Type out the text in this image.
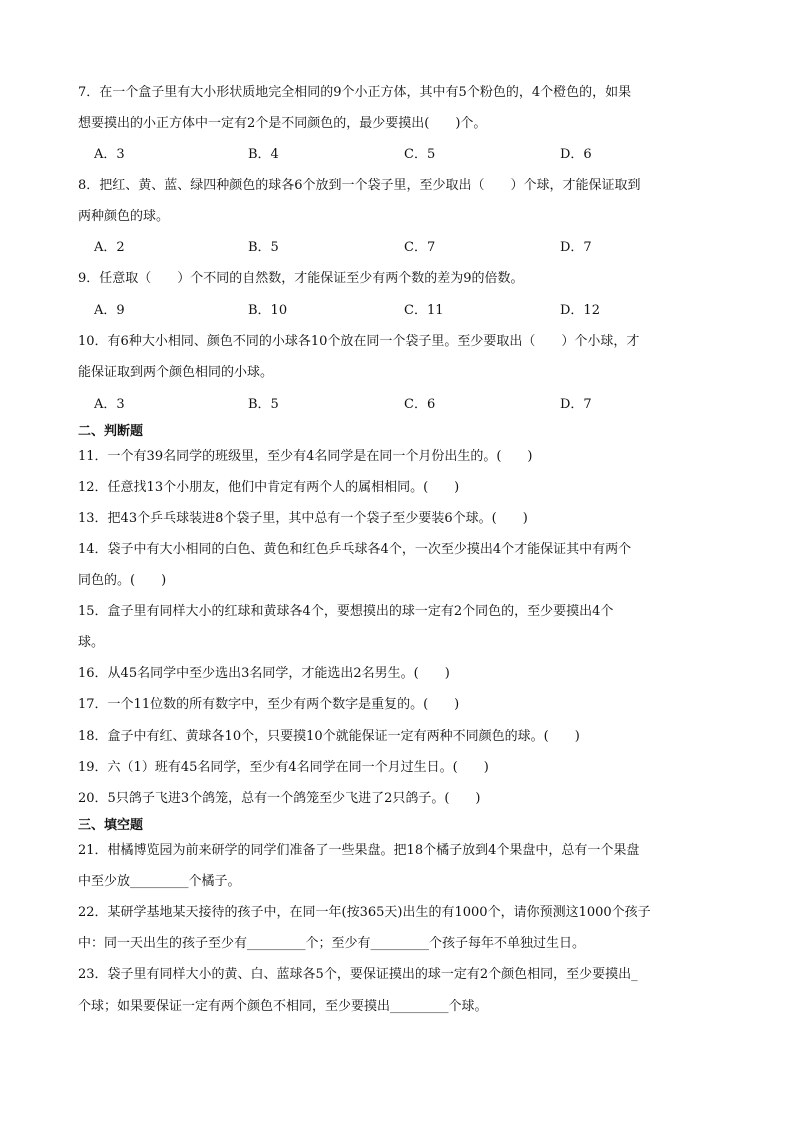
7．在一个盒子里有大小形状质地完全相同的9个小正方体，其中有5个粉色的，4个橙色的，如果
想要摸出的小正方体中一定有2个是不同颜色的，最少要摸出(　　)个。
A．3	B．4	C．5	D．6
8．把红、黄、蓝、绿四种颜色的球各6个放到一个袋子里，至少取出（　　）个球，才能保证取到
两种颜色的球。
A．2	B．5	C．7	D．7
9．任意取（　　）个不同的自然数，才能保证至少有两个数的差为9的倍数。
A．9	B．10	C．11	D．12
10．有6种大小相同、颜色不同的小球各10个放在同一个袋子里。至少要取出（　　）个小球，才
能保证取到两个颜色相同的小球。
A．3	B．5	C．6	D．7
二、判断题
11．一个有39名同学的班级里，至少有4名同学是在同一个月份出生的。(　　)
12．任意找13个小朋友，他们中肯定有两个人的属相相同。(　　)
13．把43个乒乓球装进8个袋子里，其中总有一个袋子至少要装6个球。(　　)
14．袋子中有大小相同的白色、黄色和红色乒乓球各4个，一次至少摸出4个才能保证其中有两个
同色的。(　　)
15．盒子里有同样大小的红球和黄球各4个，要想摸出的球一定有2个同色的，至少要摸出4个
球。
16．从45名同学中至少选出3名同学，才能选出2名男生。(　　)
17．一个11位数的所有数字中，至少有两个数字是重复的。(　　)
18．盒子中有红、黄球各10个，只要摸10个就能保证一定有两种不同颜色的球。(　　)
19．六（1）班有45名同学，至少有4名同学在同一个月过生日。(　　)
20．5只鸽子飞进3个鸽笼，总有一个鸽笼至少飞进了2只鸽子。(　　)
三、填空题
21．柑橘博览园为前来研学的同学们准备了一些果盘。把18个橘子放到4个果盘中，总有一个果盘
中至少放_________个橘子。
22．某研学基地某天接待的孩子中，在同一年(按365天)出生的有1000个，请你预测这1000个孩子
中：同一天出生的孩子至少有_________个；至少有_________个孩子每年不单独过生日。
23．袋子里有同样大小的黄、白、蓝球各5个，要保证摸出的球一定有2个颜色相同，至少要摸出_
个球；如果要保证一定有两个颜色不相同，至少要摸出_________个球。
